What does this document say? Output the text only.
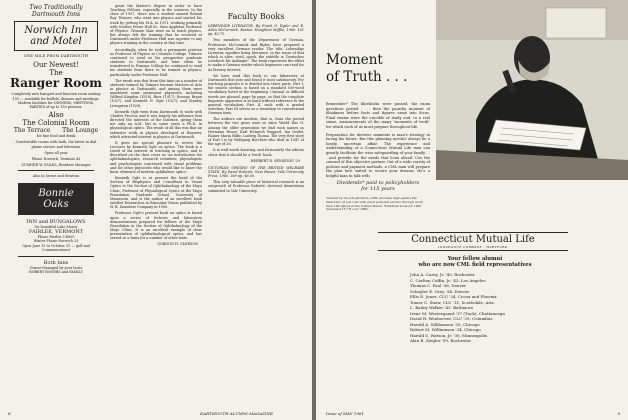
Two Traditionally
Dartmouth Inns
Norwich Inn
and Motel
ONE MILE FROM DARTMOUTH
Our Newest!
The
Ranger Room
Completely new banquet and function room seating 150 — available for buffets, dinners and meetings. Modern facilities for DINNERS, MEETINGS, PARTIES of up to 150 persons.
Also
The Colonial Room
The Terrace The Lounge
for fine food and drink
Comfortable rooms with bath, the latest in dial phone service and television
Open all year
Phone Norwich, Vermont 43
SUMNER W. EVANS, Resident Manager
Also in Stowe and Stratton
Bonnie
Oaks
INN and BUNGALOWS
On beautiful Lake Morey
FAIRLEE, VERMONT
Phone Fairlee 3-4000
Winter Phone Norwich 33
Open June 15 to October 15 — golf and Commencement
Both Inns
Owner-Managed by your hosts
ROBERT ROGERS and FAMILY

grant the Master's degree in order to have Teaching Fellows, especially in the sciences. In the class of 1907, there was a student named Roland Ray Titmore, who went into physics and started his work by getting his M.A. in 1911, working primarily with Gordon Ferrie Hull Sr., then Appleton Professor of Physics. Titmore thus went on to teach physics, but always felt the training that he received at Dartmouth under Professor Hull was superior to any physics training in the country at that time.

Accordingly, when he took a permanent position as Professor of Physics at Colorado College, Titmore continued to send on his prospective graduate students to Dartmouth, and later when he transferred to Pomona College he continued to send his students from there to be trained in physics, particularly under Professor Hull.

The result was that from this time on a number of students trained by Titmore became Masters of Arts in physics at Dartmouth, and among them were numbered some prominent physicists, including Wilfred Kingdon (1918), Burr (1917), Rooney, Bryan (1927), and Kenneth N. Ogle (1927), and Stanley Livingston (1929).

Kenneth Ogle went from Dartmouth to work with Charles Proctor, and it was largely his influence that directed the interests of the Institute, giving them not only an A.M. but in some cases a Ph.D. in physiological optics. The result of all this was that an extensive work in physics developed at Hanover, which attracted interest in physics at Dartmouth.

It gives me special pleasure to review the Lectures by Kenneth Ogle on optics. The book is a result of his interest in teaching in optics, and is described on the dust cover as 'an introduction for ophthalmologists, research scientists, physiologists and psychologists concerned with visual problems and for other physicists who would like to know the basic elements of modern ophthalmic optics.'

Kenneth Ogle is at present the head of the Section of Biophysics and Consultant in Visual Optics to the Section of Ophthalmology of the Mayo Clinic, Professor of Physiological Optics at the Mayo Foundation, Graduate School, University of Minnesota, and is the author of an excellent book entitled Researches in Binocular Vision published by W. B. Saunders Company in 1950.

Professor Ogle's present book on optics is based upon a series of lectures and laboratory demonstrations prepared for fellows of the Mayo Foundation in the Section of Ophthalmology of the Mayo Clinic. It is an excellent example of clear presentation of ophthalmological optics, and has served as a basis for a number of other texts.

GORDON H. GLEESON
Faculty Books

LERENDIGE LITERATUR. By Frank G. Ryder and E. Allan McCormick. Boston: Houghton Mifflin, 1960. 161 pp. $3.75.

Two members of the Department of German, Professors McCormick and Ryder, have prepared a very excellent German reader. The title, Lebendige Literatur, signifies living literature, in the sense of that which is alive, vivid, quick, the subtitle is 'Deutsches Lesebuch für Anfänger'. The book represents the effort to make a German reader which beginners can read for its literary interest.

We have read this book in our laboratory at Dartmouth this year and found it most satisfactory. For teaching purposes it is divided into three parts. Part I, the easiest section, is based on a standard 500-word vocabulary listed at the beginning. Unusual or difficult words are glossed, page by page, so that the complete linguistic apparatus is at hand without reference to the general vocabulary. Part II, each with a graded selection. Part III serves as a transition to conventional German texts.

The authors are modern, that is, from the period between the two great wars or since World War II. Among the older generation we find such names as Hermann Hesse, Karl Heinrich Waggerl, Ina Seidel, Rainer Maria Rilke, Ludwig Thoma. The very first story of Part I is by Wolfgang Borchert who died in 1947 at the age of 26.

It is well worth knowing, and fortunately the editors chose that it should be a 'fresh' book.

HERBERT R. SENSENIG '29

VICTORIAN ORIGINS OF THE BRITISH WELFARE STATE. By David Roberts. New Haven: Yale University Press, 1960. 369 pp. $6.00.

This very valuable piece of historical research is an outgrowth of Professor Roberts' doctoral dissertation submitted to Yale University.

8	DARTMOUTH ALUMNI MAGAZINE
Moment
of Truth . . .

Remember? The bluebooks were passed, the exam questions posted . . . then the panicky moment of blankness before facts and figures came into focus. Final exams were the crucible of study and, to a real sense, measurements of the many "moments of truth" for which each of us must prepare throughout life.

Preparation for decisive moments is man's strategy in facing his future. But this planning needn't always be a lonely, uncertain affair. The experience and understanding of a Connecticut Mutual Life man can greatly facilitate the wise safeguarding of your family . . . and provide for the needs that loom ahead. Use the counsel of this objective partner. Out of a wide variety of policies and payment methods, a CML man will prepare the plan best suited to secure your dreams. He's a helpful man to talk with.

Dividends* paid to policyholders
for 115 years
*Owned by its policyholders, CML provides high-quality life insurance at low cost with great personal service through more than 100 offices in the United States. *Dividend scale for 1961 increased 15½% over 1960.
Connecticut Mutual Life
INSURANCE COMPANY · HARTFORD
Your fellow alumni
who are now CML field representatives
John A. Carey, Jr. '49, Rochester
C. Carlton Coffin, Jr. '43, Los Angeles
Thomas C. Paul '36, Denver
Schuyler E. Grey '34, Denver
Ellis E. Jones, CLU '24, Cocoa and Phoenix
Tomer C. Snow, CLU '31, Scottsdale, Ariz.
L. Bailey Walker '43, Baltimore
Irene M. Westergaard '37 (Tuck), Chattanooga
David R. Wenhoever, CLU '29, Columbus
Harold A. Williamson '35, Chicago
Robert M. Williamson '34, Chicago
Harold S. Watson, Jr. '30, Minneapolis
Alan R. Ziegler '59, Rochester
Issue of MAY 1961	9
